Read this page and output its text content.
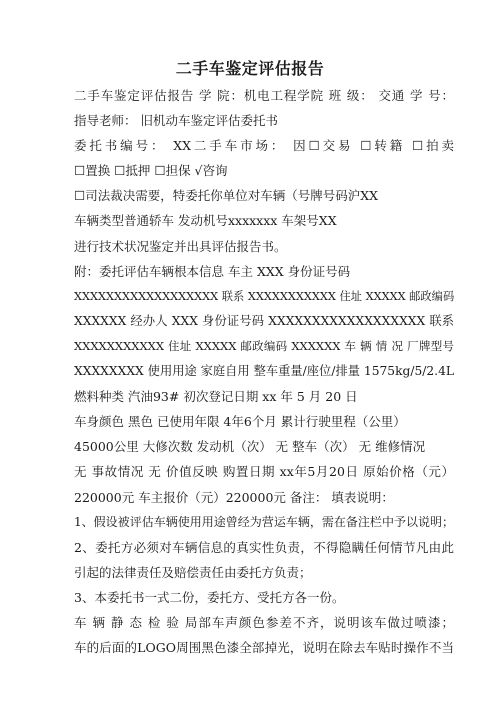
二手车鉴定评估报告
二手车鉴定评估报告 学 院：机电工程学院 班 级： 交通 学 号：
指导老师： 旧机动车鉴定评估委托书
委托书编号： XX二手车市场： 因☐交易 ☐转籍 ☐拍卖
☐置换 ☐抵押 ☐担保 √咨询
☐司法裁决需要，特委托你单位对车辆（号牌号码沪XX
车辆类型普通轿车 发动机号xxxxxxx 车架号XX
进行技术状况鉴定并出具评估报告书。
附：委托评估车辆根本信息 车主 XXX 身份证号码
XXXXXXXXXXXXXXXXXX 联系 XXXXXXXXXXX 住址 XXXXX 邮政编码
XXXXXX 经办人 XXX 身份证号码 XXXXXXXXXXXXXXXXXX 联系
XXXXXXXXXXX 住址 XXXXX 邮政编码 XXXXXX 车 辆 情 况 厂牌型号
XXXXXXXX 使用用途 家庭自用 整车重量/座位/排量 1575kg/5/2.4L
燃料种类 汽油93# 初次登记日期 xx 年 5 月 20 日
车身颜色 黑色 已使用年限 4年6个月 累计行驶里程（公里）
45000公里 大修次数 发动机（次） 无 整车（次） 无 维修情况
无 事故情况 无 价值反映 购置日期 xx年5月20日 原始价格（元）
220000元 车主报价（元）220000元 备注： 填表说明：
1、假设被评估车辆使用用途曾经为营运车辆，需在备注栏中予以说明；
2、委托方必须对车辆信息的真实性负责，不得隐瞒任何情节凡由此
引起的法律责任及赔偿责任由委托方负责；
3、本委托书一式二份，委托方、受托方各一份。
车 辆 静 态 检 验 局部车声颜色参差不齐，说明该车做过喷漆；
车的后面的LOGO周围黑色漆全部掉光，说明在除去车贴时操作不当
